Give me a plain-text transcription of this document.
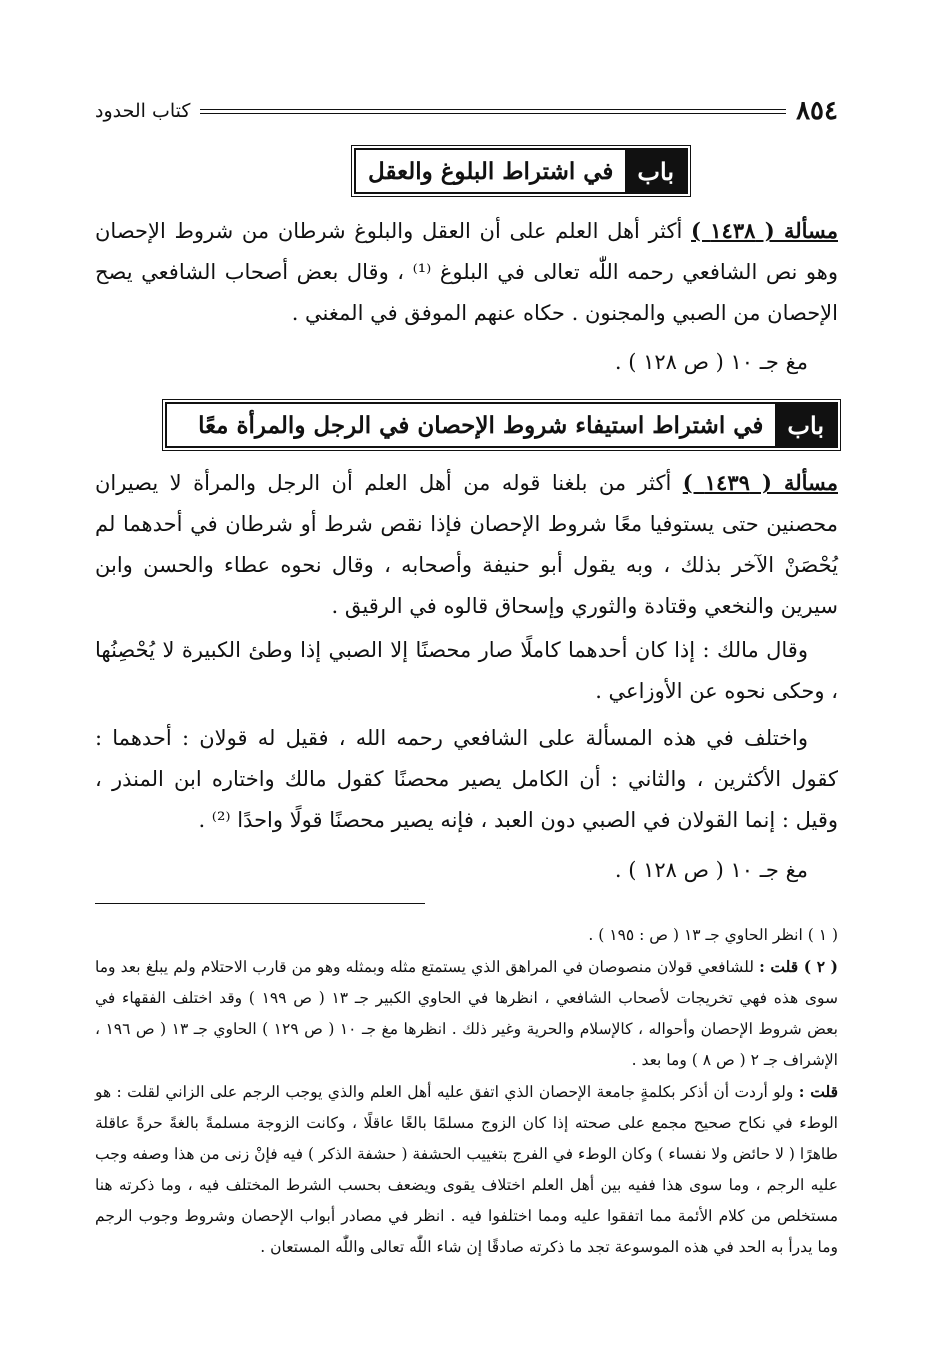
٨٥٤
كتاب الحدود
باب
في اشتراط البلوغ والعقل

مسألة ( ١٤٣٨ ) أكثر أهل العلم على أن العقل والبلوغ شرطان من شروط الإحصان وهو نص الشافعي رحمه اللّٰه تعالى في البلوغ ⁽¹⁾ ، وقال بعض أصحاب الشافعي يصح الإحصان من الصبي والمجنون . حكاه عنهم الموفق في المغني .

مغ جـ ١٠ ( ص ١٢٨ ) .

باب
في اشتراط استيفاء شروط الإحصان في الرجل والمرأة معًا

مسألة ( ١٤٣٩ ) أكثر من بلغنا قوله من أهل العلم أن الرجل والمرأة لا يصيران محصنين حتى يستوفيا معًا شروط الإحصان فإذا نقص شرط أو شرطان في أحدهما لم يُحْصَنْ الآخر بذلك ، وبه يقول أبو حنيفة وأصحابه ، وقال نحوه عطاء والحسن وابن سيرين والنخعي وقتادة والثوري وإسحاق قالوه في الرقيق .

وقال مالك : إذا كان أحدهما كاملًا صار محصنًا إلا الصبي إذا وطئ الكبيرة لا يُحْصِنُها ، وحكى نحوه عن الأوزاعي .

واختلف في هذه المسألة على الشافعي رحمه الله ، فقيل له قولان : أحدهما : كقول الأكثرين ، والثاني : أن الكامل يصير محصنًا كقول مالك واختاره ابن المنذر ، وقيل : إنما القولان في الصبي دون العبد ، فإنه يصير محصنًا قولًا واحدًا ⁽²⁾ .

مغ جـ ١٠ ( ص ١٢٨ ) .

( ١ ) انظر الحاوي جـ ١٣ ( ص : ١٩٥ ) .

( ٢ ) قلت : للشافعي قولان منصوصان في المراهق الذي يستمتع مثله وبمثله وهو من قارب الاحتلام ولم يبلغ بعد وما سوى هذه فهي تخريجات لأصحاب الشافعي ، انظرها في الحاوي الكبير جـ ١٣ ( ص ١٩٩ ) وقد اختلف الفقهاء في بعض شروط الإحصان وأحواله ، كالإسلام والحرية وغير ذلك . انظرها مغ جـ ١٠ ( ص ١٢٩ ) الحاوي جـ ١٣ ( ص ١٩٦ ، الإشراف جـ ٢ ( ص ٨ ) وما بعد .

قلت : ولو أردت أن أذكر بكلمةٍ جامعة الإحصان الذي اتفق عليه أهل العلم والذي يوجب الرجم على الزاني لقلت : هو الوطء في نكاح صحيح مجمع على صحته إذا كان الزوج مسلمًا بالغًا عاقلًا ، وكانت الزوجة مسلمةً بالغةً حرةً عاقلة طاهرًا ( لا حائض ولا نفساء ) وكان الوطء في الفرج بتغييب الحشفة ( حشفة الذكر ) فيه فإنْ زنى من هذا وصفه وجب عليه الرجم ، وما سوى هذا ففيه بين أهل العلم اختلاف يقوى ويضعف بحسب الشرط المختلف فيه ، وما ذكرته هنا مستخلص من كلام الأئمة مما اتفقوا عليه ومما اختلفوا فيه . انظر في مصادر أبواب الإحصان وشروط وجوب الرجم وما يدرأ به الحد في هذه الموسوعة تجد ما ذكرته صادقًا إن شاء اللّٰه تعالى واللّٰه المستعان .
